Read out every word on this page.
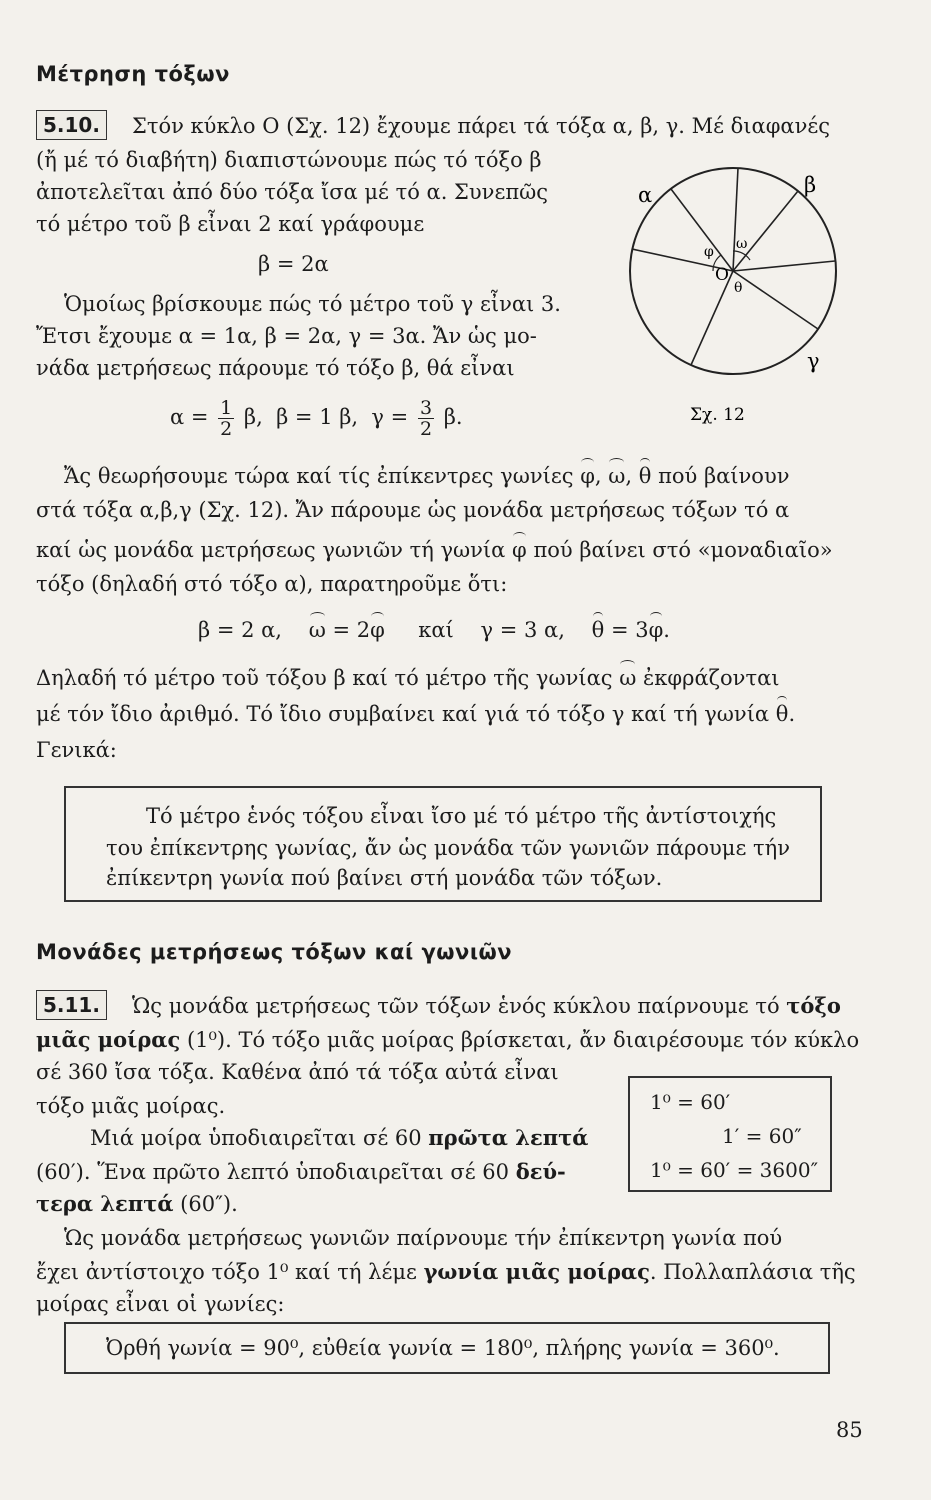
Μέτρηση τόξων
5.10.	Στόν κύκλο Ο (Σχ. 12) ἔχουμε πάρει τά τόξα α, β, γ. Μέ διαφανές
(ἤ μέ τό διαβήτη) διαπιστώνουμε πώς τό τόξο β
ἀποτελεῖται ἀπό δύο τόξα ἴσα μέ τό α. Συνεπῶς
τό μέτρο τοῦ β εἶναι 2 καί γράφουμε
β = 2α
Ὁμοίως βρίσκουμε πώς τό μέτρο τοῦ γ εἶναι 3.
Ἔτσι ἔχουμε α = 1α, β = 2α, γ = 3α. Ἄν ὡς μο-
νάδα μετρήσεως πάρουμε τό τόξο β, θά εἶναι
$\alpha = \frac{1}{2} \beta$, β = 1 β, $\gamma = \frac{3}{2} \beta$.
α	β
γ
O
φ ω
θ
Σχ. 12
Ἄς θεωρήσουμε τώρα καί τίς ἐπίκεντρες γωνίες φ, ω, θ πού βαίνουν
στά τόξα α,β,γ (Σχ. 12). Ἄν πάρουμε ὡς μονάδα μετρήσεως τόξων τό α
καί ὡς μονάδα μετρήσεως γωνιῶν τή γωνία φ πού βαίνει στό «μοναδιαῖο»
τόξο (δηλαδή στό τόξο α), παρατηροῦμε ὅτι:
β = 2 α, ω = 2φ καί γ = 3 α, θ = 3φ.
Δηλαδή τό μέτρο τοῦ τόξου β καί τό μέτρο τῆς γωνίας ω ἐκφράζονται
μέ τόν ἴδιο ἀριθμό. Τό ἴδιο συμβαίνει καί γιά τό τόξο γ καί τή γωνία θ.
Γενικά:
Τό μέτρο ἑνός τόξου εἶναι ἴσο μέ τό μέτρο τῆς ἀντίστοιχής
του ἐπίκεντρης γωνίας, ἄν ὡς μονάδα τῶν γωνιῶν πάρουμε τήν
ἐπίκεντρη γωνία πού βαίνει στή μονάδα τῶν τόξων.
Μονάδες μετρήσεως τόξων καί γωνιῶν
5.11.	Ὡς μονάδα μετρήσεως τῶν τόξων ἑνός κύκλου παίρνουμε τό τόξο
μιᾶς μοίρας (1⁰). Τό τόξο μιᾶς μοίρας βρίσκεται, ἄν διαιρέσουμε τόν κύκλο
σέ 360 ἴσα τόξα. Καθένα ἀπό τά τόξα αὐτά εἶναι
τόξο μιᾶς μοίρας.
Μιά μοίρα ὑποδιαιρεῖται σέ 60 πρῶτα λεπτά
(60′). Ἕνα πρῶτο λεπτό ὑποδιαιρεῖται σέ 60 δεύ-
τερα λεπτά (60″).
1⁰ = 60′
1′ = 60″
1⁰ = 60′ = 3600″
Ὡς μονάδα μετρήσεως γωνιῶν παίρνουμε τήν ἐπίκεντρη γωνία πού
ἔχει ἀντίστοιχο τόξο 1⁰ καί τή λέμε γωνία μιᾶς μοίρας. Πολλαπλάσια τῆς
μοίρας εἶναι οἱ γωνίες:
Ὀρθή γωνία = 90⁰, εὐθεία γωνία = 180⁰, πλήρης γωνία = 360⁰.
85
